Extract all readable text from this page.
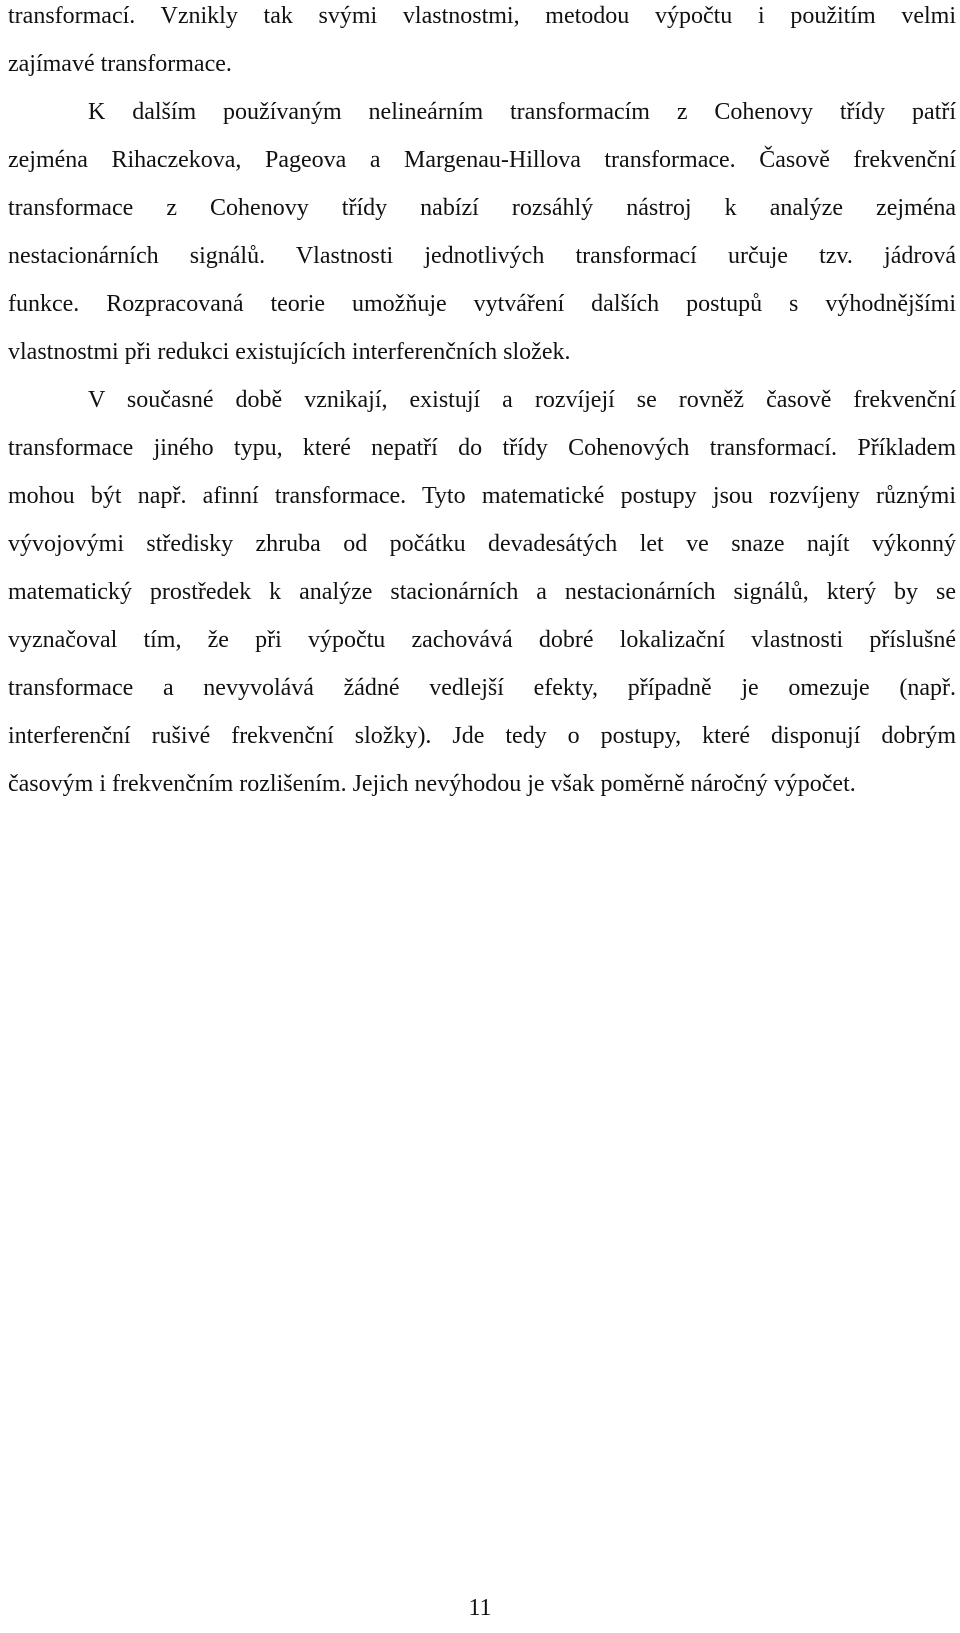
transformací. Vznikly tak svými vlastnostmi, metodou výpočtu i použitím velmi
zajímavé transformace.
K dalším používaným nelineárním transformacím z Cohenovy třídy patří
zejména Rihaczekova, Pageova a Margenau-Hillova transformace. Časově frekvenční
transformace z Cohenovy třídy nabízí rozsáhlý nástroj k analýze zejména
nestacionárních signálů. Vlastnosti jednotlivých transformací určuje tzv. jádrová
funkce. Rozpracovaná teorie umožňuje vytváření dalších postupů s výhodnějšími
vlastnostmi při redukci existujících interferenčních složek.
V současné době vznikají, existují a rozvíjejí se rovněž časově frekvenční
transformace jiného typu, které nepatří do třídy Cohenových transformací. Příkladem
mohou být např. afinní transformace. Tyto matematické postupy jsou rozvíjeny různými
vývojovými středisky zhruba od počátku devadesátých let ve snaze najít výkonný
matematický prostředek k analýze stacionárních a nestacionárních signálů, který by se
vyznačoval tím, že při výpočtu zachovává dobré lokalizační vlastnosti příslušné
transformace a nevyvolává žádné vedlejší efekty, případně je omezuje (např.
interferenční rušivé frekvenční složky). Jde tedy o postupy, které disponují dobrým
časovým i frekvenčním rozlišením. Jejich nevýhodou je však poměrně náročný výpočet.
11
